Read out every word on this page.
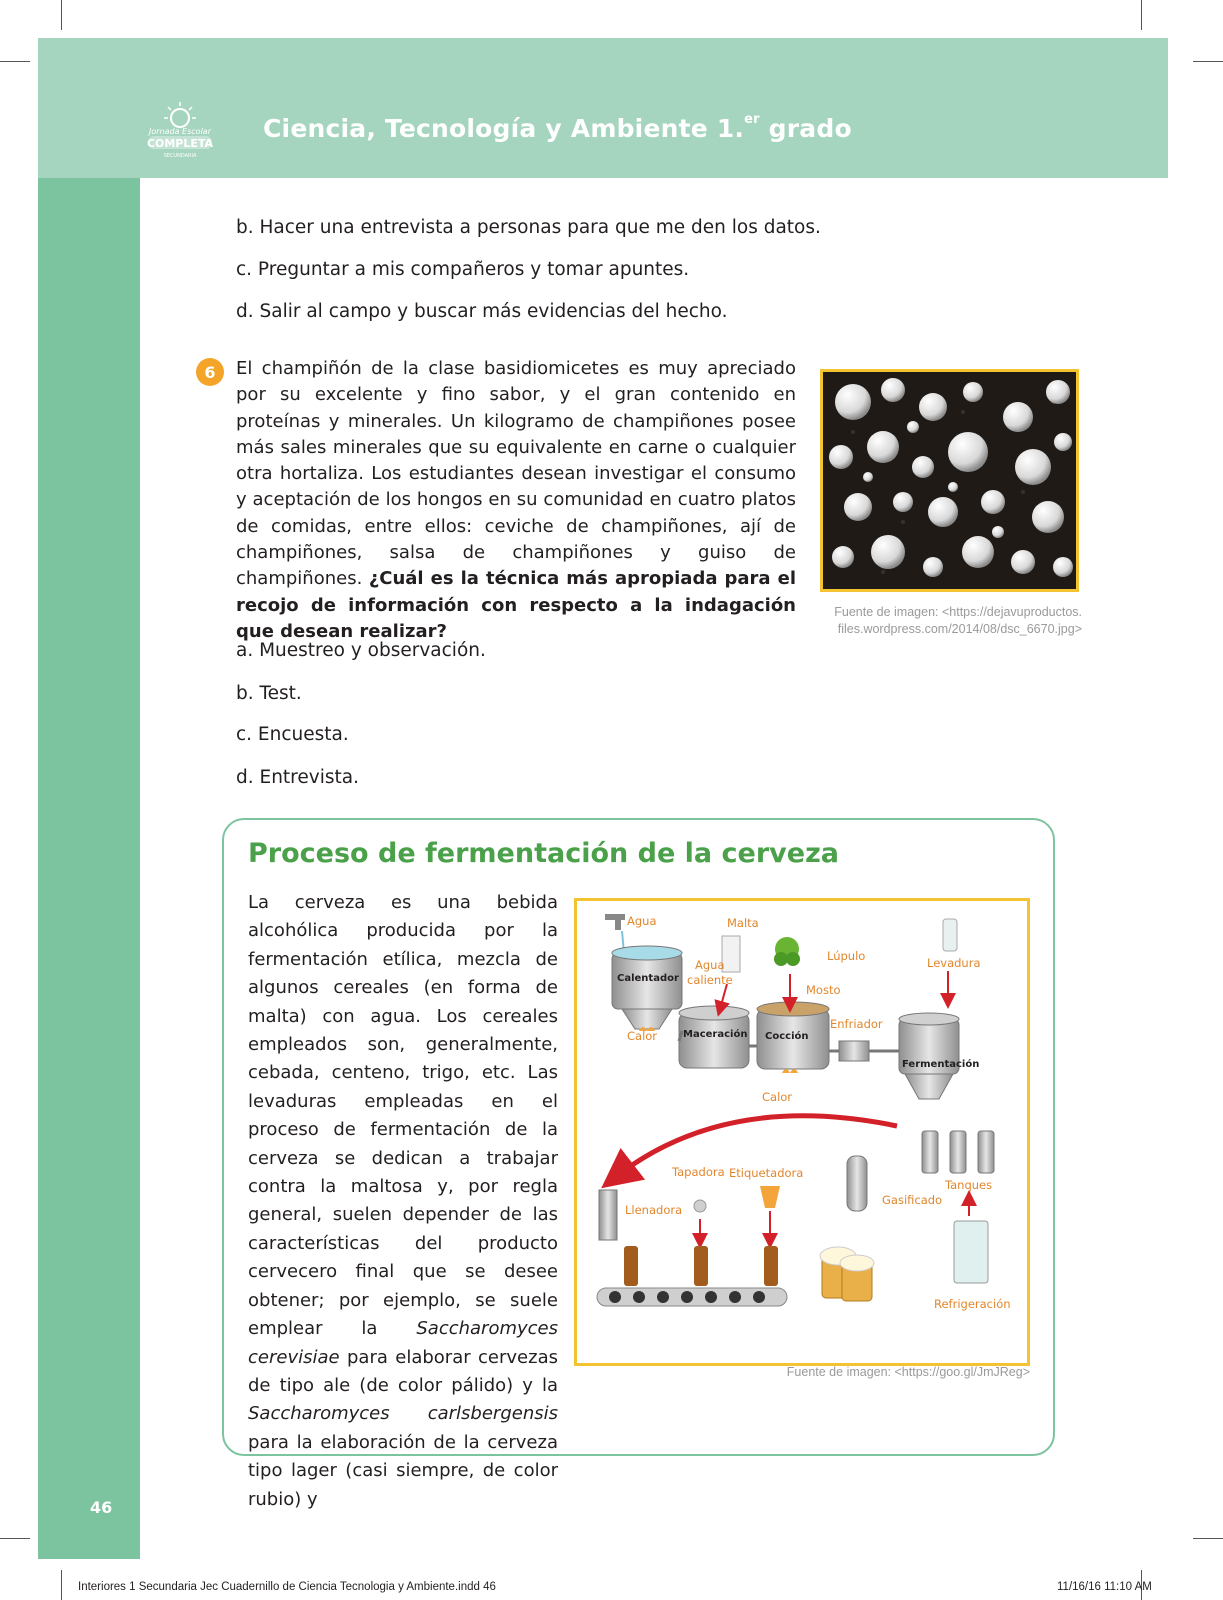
Jornada Escolar
COMPLETA
SECUNDARIA
Ciencia, Tecnología y Ambiente 1.$^{er}$ grado
b. Hacer una entrevista a personas para que me den los datos.
c. Preguntar a mis compañeros y tomar apuntes.
d. Salir al campo y buscar más evidencias del hecho.
6	El champiñón de la clase basidiomicetes es muy apreciado por su excelente y fino sabor, y el gran contenido en proteínas y minerales. Un kilogramo de champiñones posee más sales minerales que su equivalente en carne o cualquier otra hortaliza. Los estudiantes desean investigar el consumo y aceptación de los hongos en su comunidad en cuatro platos de comidas, entre ellos: ceviche de champiñones, ají de champiñones, salsa de champiñones y guiso de champiñones. ¿Cuál es la técnica más apropiada para el recojo de información con respecto a la indagación que desean realizar?
Fuente de imagen: <https://dejavuproductos.
files.wordpress.com/2014/08/dsc_6670.jpg>
a. Muestreo y observación.
b. Test.
c. Encuesta.
d. Entrevista.
Proceso de fermentación de la cerveza
La cerveza es una bebida alcohólica producida por la fermentación etílica, mezcla de algunos cereales (en forma de malta) con agua. Los cereales empleados son, generalmente, cebada, centeno, trigo, etc. Las levaduras empleadas en el proceso de fermentación de la cerveza se dedican a trabajar contra la maltosa y, por regla general, suelen depender de las características del producto cervecero final que se desee obtener; por ejemplo, se suele emplear la Saccharomyces cerevisiae para elaborar cervezas de tipo ale (de color pálido) y la Saccharomyces carlsbergensis para la elaboración de la cerveza tipo lager (casi siempre, de color rubio) y
Agua	Malta
Lúpulo	Levadura
Agua
caliente
Calentador
Mosto
Enfriador
Calor	Maceración Cocción
Fermentación
Calor
Tapadora Etiquetadora
Tanques
Llenadora
Gasificado
Refrigeración
Fuente de imagen: <https://goo.gl/JmJReg>
46
Interiores 1 Secundaria Jec Cuadernillo de Ciencia Tecnologia y Ambiente.indd 46	11/16/16 11:10 AM
